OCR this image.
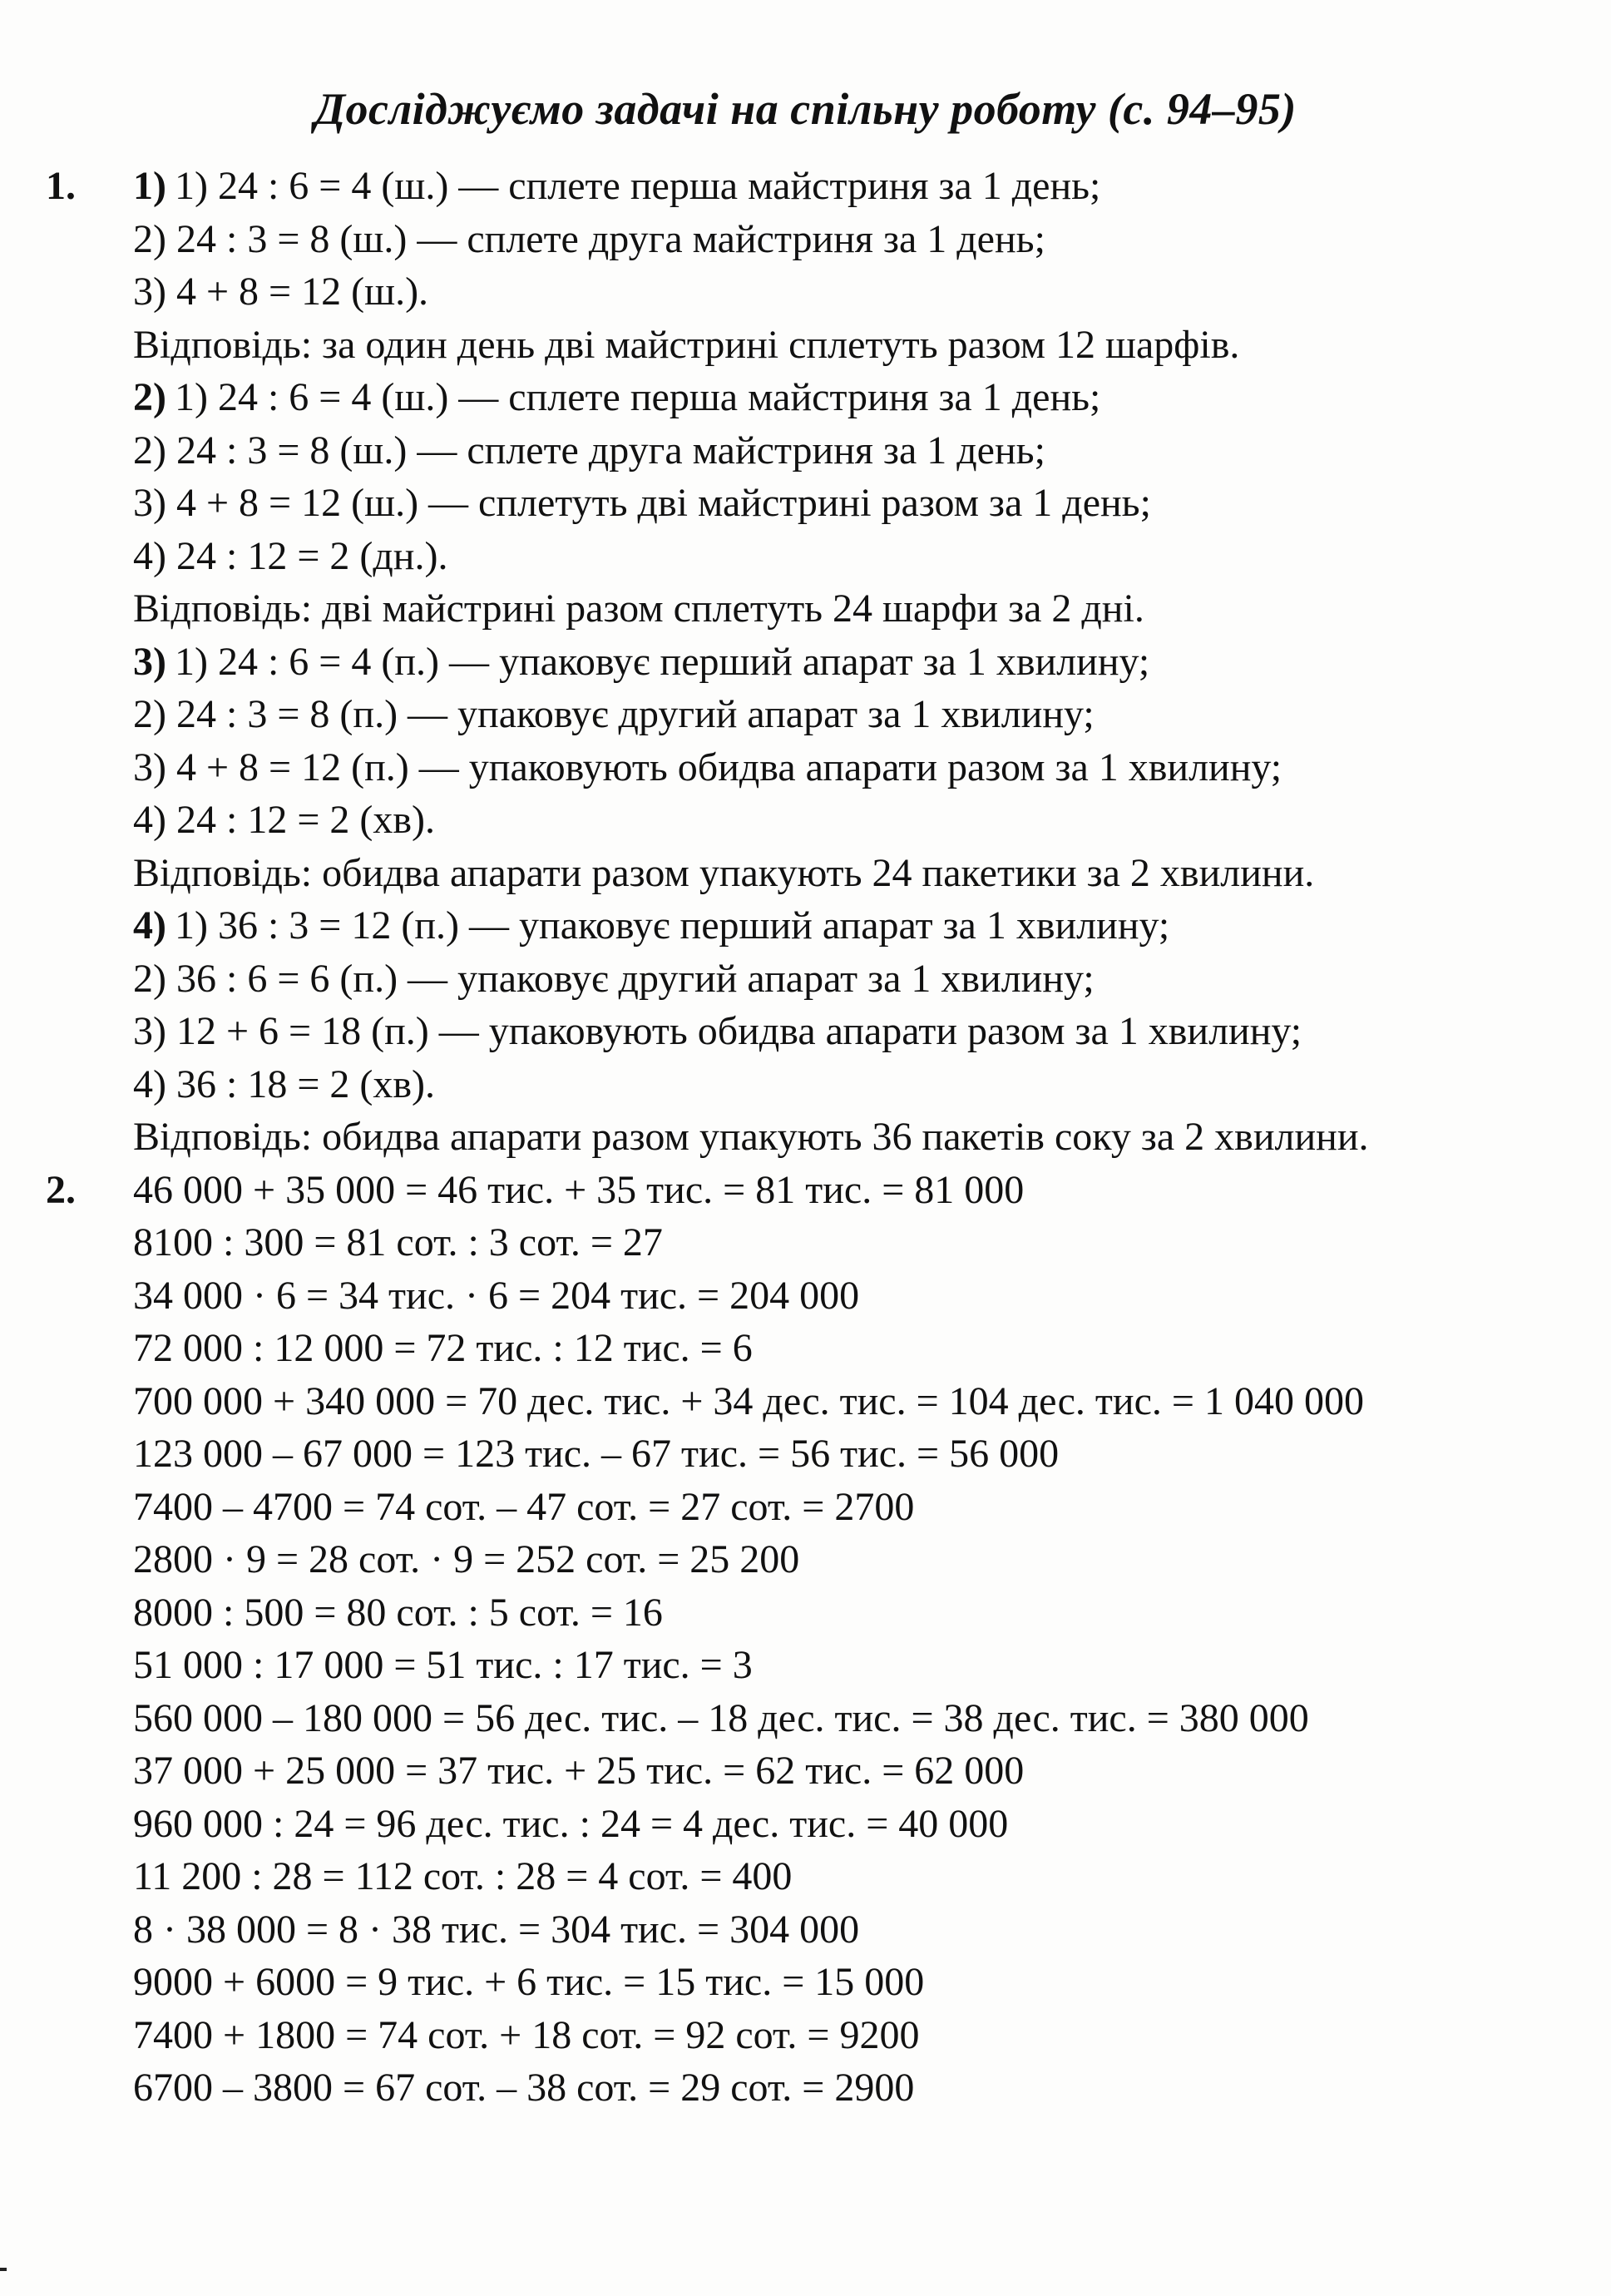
Досліджуємо задачі на спільну роботу (с. 94–95)
1. 1) 1) 24 : 6 = 4 (ш.) — сплете перша майстриня за 1 день;
2) 24 : 3 = 8 (ш.) — сплете друга майстриня за 1 день;
3) 4 + 8 = 12 (ш.).
Відповідь: за один день дві майстрині сплетуть разом 12 шарфів.
2) 1) 24 : 6 = 4 (ш.) — сплете перша майстриня за 1 день;
2) 24 : 3 = 8 (ш.) — сплете друга майстриня за 1 день;
3) 4 + 8 = 12 (ш.) — сплетуть дві майстрині разом за 1 день;
4) 24 : 12 = 2 (дн.).
Відповідь: дві майстрині разом сплетуть 24 шарфи за 2 дні.
3) 1) 24 : 6 = 4 (п.) — упаковує перший апарат за 1 хвилину;
2) 24 : 3 = 8 (п.) — упаковує другий апарат за 1 хвилину;
3) 4 + 8 = 12 (п.) — упаковують обидва апарати разом за 1 хвилину;
4) 24 : 12 = 2 (хв).
Відповідь: обидва апарати разом упакують 24 пакетики за 2 хвилини.
4) 1) 36 : 3 = 12 (п.) — упаковує перший апарат за 1 хвилину;
2) 36 : 6 = 6 (п.) — упаковує другий апарат за 1 хвилину;
3) 12 + 6 = 18 (п.) — упаковують обидва апарати разом за 1 хвилину;
4) 36 : 18 = 2 (хв).
Відповідь: обидва апарати разом упакують 36 пакетів соку за 2 хвилини.
2. 46 000 + 35 000 = 46 тис. + 35 тис. = 81 тис. = 81 000
8100 : 300 = 81 сот. : 3 сот. = 27
34 000 · 6 = 34 тис. · 6 = 204 тис. = 204 000
72 000 : 12 000 = 72 тис. : 12 тис. = 6
700 000 + 340 000 = 70 дес. тис. + 34 дес. тис. = 104 дес. тис. = 1 040 000
123 000 – 67 000 = 123 тис. – 67 тис. = 56 тис. = 56 000
7400 – 4700 = 74 сот. – 47 сот. = 27 сот. = 2700
2800 · 9 = 28 сот. · 9 = 252 сот. = 25 200
8000 : 500 = 80 сот. : 5 сот. = 16
51 000 : 17 000 = 51 тис. : 17 тис. = 3
560 000 – 180 000 = 56 дес. тис. – 18 дес. тис. = 38 дес. тис. = 380 000
37 000 + 25 000 = 37 тис. + 25 тис. = 62 тис. = 62 000
960 000 : 24 = 96 дес. тис. : 24 = 4 дес. тис. = 40 000
11 200 : 28 = 112 сот. : 28 = 4 сот. = 400
8 · 38 000 = 8 · 38 тис. = 304 тис. = 304 000
9000 + 6000 = 9 тис. + 6 тис. = 15 тис. = 15 000
7400 + 1800 = 74 сот. + 18 сот. = 92 сот. = 9200
6700 – 3800 = 67 сот. – 38 сот. = 29 сот. = 2900
